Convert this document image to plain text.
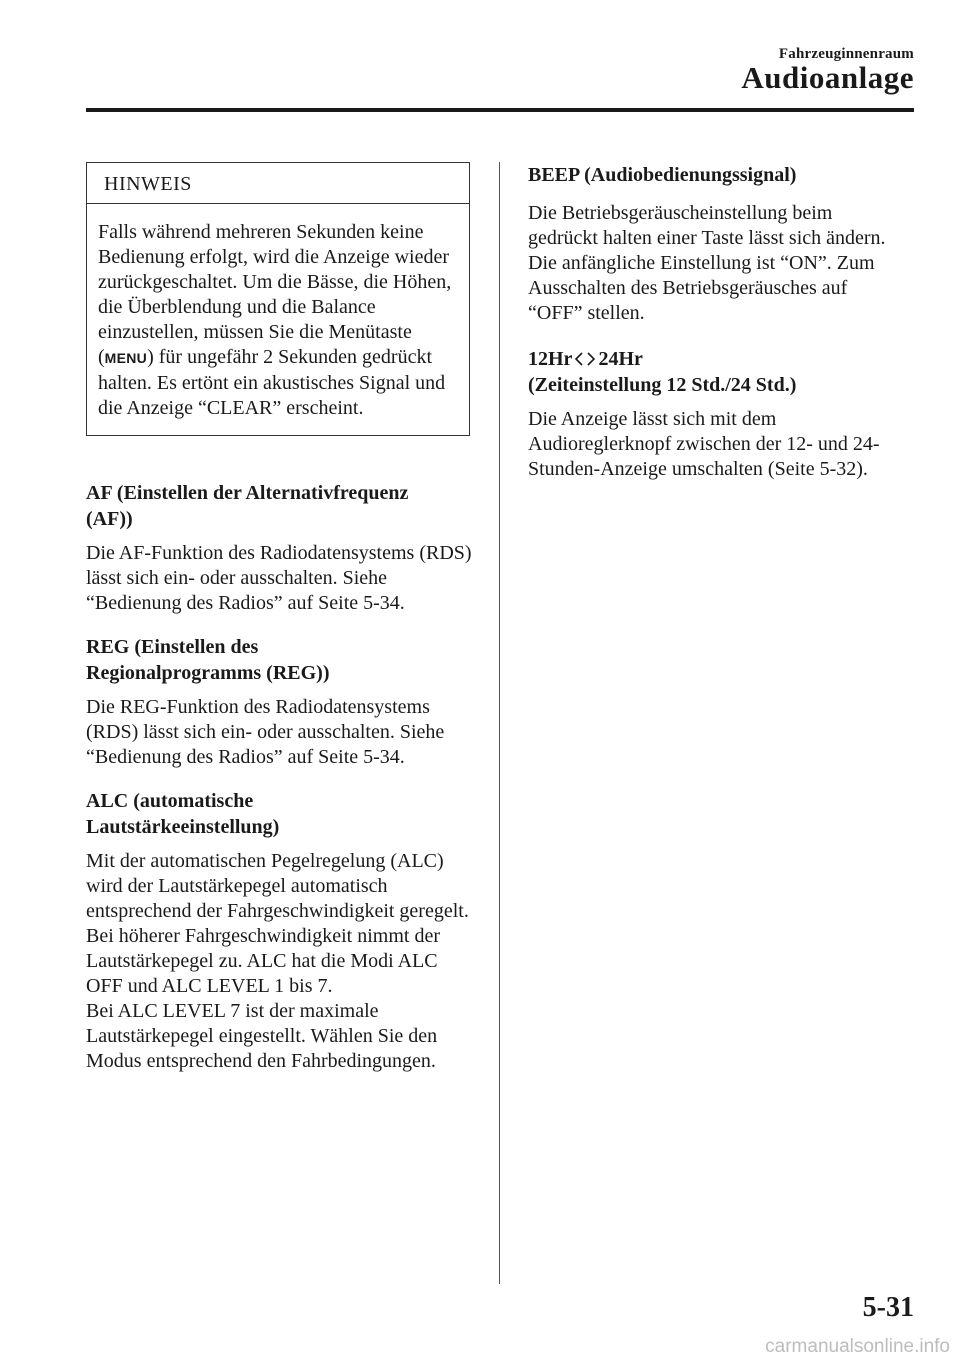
Fahrzeuginnenraum
Audioanlage
HINWEIS
Falls während mehreren Sekunden keine Bedienung erfolgt, wird die Anzeige wieder zurückgeschaltet. Um die Bässe, die Höhen, die Überblendung und die Balance einzustellen, müssen Sie die Menütaste (MENU) für ungefähr 2 Sekunden gedrückt halten. Es ertönt ein akustisches Signal und die Anzeige “CLEAR” erscheint.
AF (Einstellen der Alternativfrequenz
(AF))

Die AF-Funktion des Radiodatensystems (RDS) lässt sich ein- oder ausschalten. Siehe “Bedienung des Radios” auf Seite 5-34.

REG (Einstellen des
Regionalprogramms (REG))

Die REG-Funktion des Radiodatensystems (RDS) lässt sich ein- oder ausschalten. Siehe “Bedienung des Radios” auf Seite 5-34.

ALC (automatische
Lautstärkeeinstellung)

Mit der automatischen Pegelregelung (ALC) wird der Lautstärkepegel automatisch entsprechend der Fahrgeschwindigkeit geregelt. Bei höherer Fahrgeschwindigkeit nimmt der Lautstärkepegel zu. ALC hat die Modi ALC OFF und ALC LEVEL 1 bis 7.

Bei ALC LEVEL 7 ist der maximale Lautstärkepegel eingestellt. Wählen Sie den Modus entsprechend den Fahrbedingungen.

BEEP (Audiobedienungssignal)

Die Betriebsgeräuscheinstellung beim gedrückt halten einer Taste lässt sich ändern. Die anfängliche Einstellung ist “ON”. Zum Ausschalten des Betriebsgeräusches auf “OFF” stellen.

12Hr 24Hr
(Zeiteinstellung 12 Std./24 Std.)

Die Anzeige lässt sich mit dem Audioreglerknopf zwischen der 12- und 24-Stunden-Anzeige umschalten (Seite 5-32).

5-31
carmanualsonline.info
